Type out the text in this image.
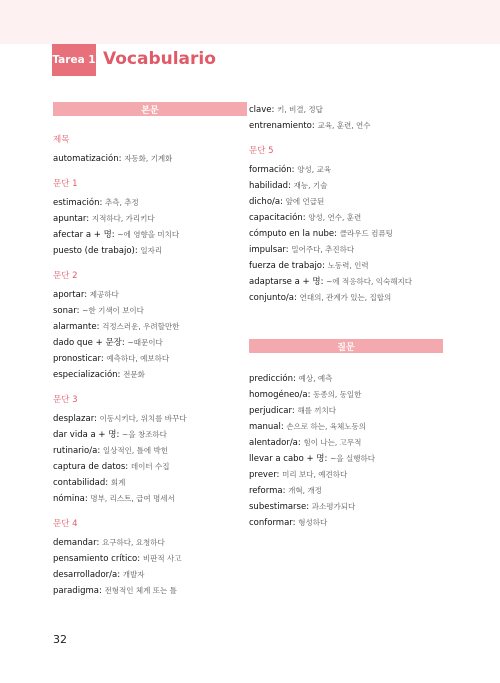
Tarea 1 Vocabulario
본문
제목
automatización: 자동화, 기계화
문단 1
estimación: 추측, 추정
apuntar: 지적하다, 가리키다
afectar a + 명: ~에 영향을 미치다
puesto (de trabajo): 일자리
문단 2
aportar: 제공하다
sonar: ~한 기색이 보이다
alarmante: 걱정스러운, 우려할만한
dado que + 문장: ~때문이다
pronosticar: 예측하다, 예보하다
especialización: 전문화
문단 3
desplazar: 이동시키다, 위치를 바꾸다
dar vida a + 명: ~을 창조하다
rutinario/a: 일상적인, 틀에 박힌
captura de datos: 데이터 수집
contabilidad: 회계
nómina: 명부, 리스트, 급여 명세서
문단 4
demandar: 요구하다, 요청하다
pensamiento crítico: 비판적 사고
desarrollador/a: 개발자
paradigma: 전형적인 체계 또는 틀
clave: 키, 비결, 정답
entrenamiento: 교육, 훈련, 연수
문단 5
formación: 양성, 교육
habilidad: 재능, 기술
dicho/a: 앞에 언급된
capacitación: 양성, 연수, 훈련
cómputo en la nube: 클라우드 컴퓨팅
impulsar: 밀어주다, 추진하다
fuerza de trabajo: 노동력, 인력
adaptarse a + 명: ~에 적응하다, 익숙해지다
conjunto/a: 연대의, 관계가 있는, 집합의
질문
predicción: 예상, 예측
homogéneo/a: 동종의, 동일한
perjudicar: 해를 끼치다
manual: 손으로 하는, 육체노동의
alentador/a: 힘이 나는, 고무적
llevar a cabo + 명: ~을 실행하다
prever: 미리 보다, 예견하다
reforma: 개혁, 개정
subestimarse: 과소평가되다
conformar: 형성하다
32
